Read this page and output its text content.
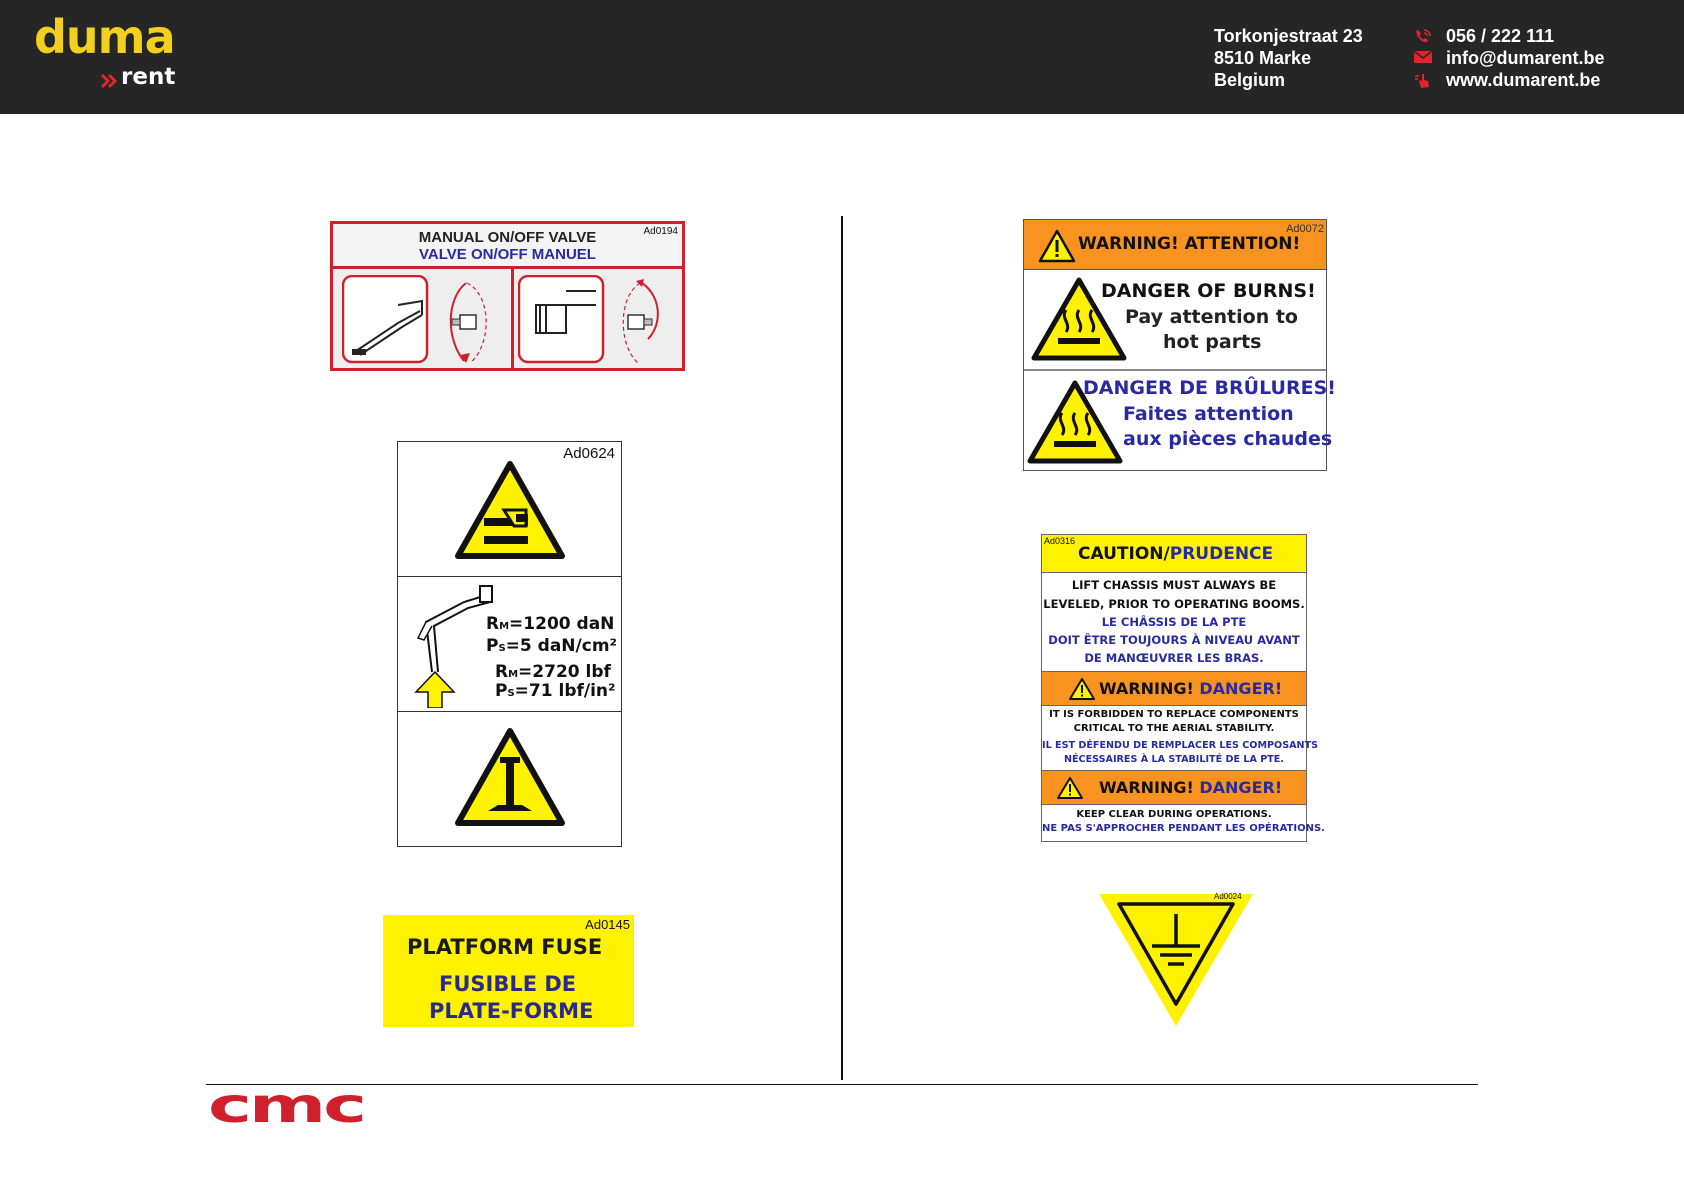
duma
rent
Torkonjestraat 23
8510 Marke
Belgium
056 / 222 111
info@dumarent.be
www.dumarent.be
MANUAL ON/OFF VALVE
VALVE ON/OFF MANUEL
Ad0194
Ad0624
RM=1200 daN
PS=5 daN/cm²
RM=2720 lbf
PS=71 lbf/in²
Ad0145
PLATFORM FUSE
FUSIBLE DE
PLATE-FORME
WARNING! ATTENTION!
Ad0072
DANGER OF BURNS!
Pay attention to
hot parts
DANGER DE BRÛLURES!
Faites attention
aux pièces chaudes
Ad0316
CAUTION/PRUDENCE
LIFT CHASSIS MUST ALWAYS BE
LEVELED, PRIOR TO OPERATING BOOMS.
LE CHÂSSIS DE LA PTE
DOIT ÊTRE TOUJOURS À NIVEAU AVANT
DE MANŒUVRER LES BRAS.
WARNING! DANGER!
IT IS FORBIDDEN TO REPLACE COMPONENTS
CRITICAL TO THE AERIAL STABILITY.
IL EST DÉFENDU DE REMPLACER LES COMPOSANTS
NÉCESSAIRES À LA STABILITÉ DE LA PTE.
WARNING! DANGER!
KEEP CLEAR DURING OPERATIONS.
NE PAS S'APPROCHER PENDANT LES OPÉRATIONS.
Ad0024
cmc
